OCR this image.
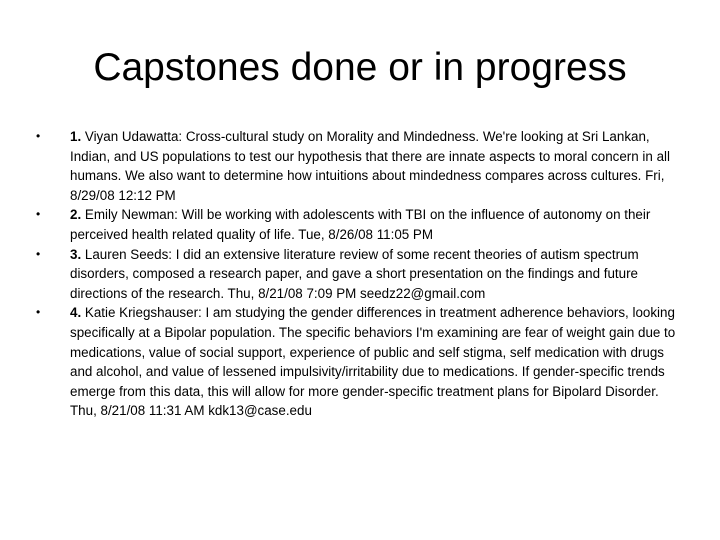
Capstones done or in progress
• 1. Viyan Udawatta: Cross-cultural study on Morality and Mindedness. We're looking at Sri Lankan, Indian, and US populations to test our hypothesis that there are innate aspects to moral concern in all humans. We also want to determine how intuitions about mindedness compares across cultures. Fri, 8/29/08 12:12 PM
• 2. Emily Newman: Will be working with adolescents with TBI on the influence of autonomy on their perceived health related quality of life. Tue, 8/26/08 11:05 PM
• 3. Lauren Seeds: I did an extensive literature review of some recent theories of autism spectrum disorders, composed a research paper, and gave a short presentation on the findings and future directions of the research. Thu, 8/21/08 7:09 PM seedz22@gmail.com
• 4. Katie Kriegshauser: I am studying the gender differences in treatment adherence behaviors, looking specifically at a Bipolar population. The specific behaviors I'm examining are fear of weight gain due to medications, value of social support, experience of public and self stigma, self medication with drugs and alcohol, and value of lessened impulsivity/irritability due to medications. If gender-specific trends emerge from this data, this will allow for more gender-specific treatment plans for Bipolard Disorder. Thu, 8/21/08 11:31 AM kdk13@case.edu
